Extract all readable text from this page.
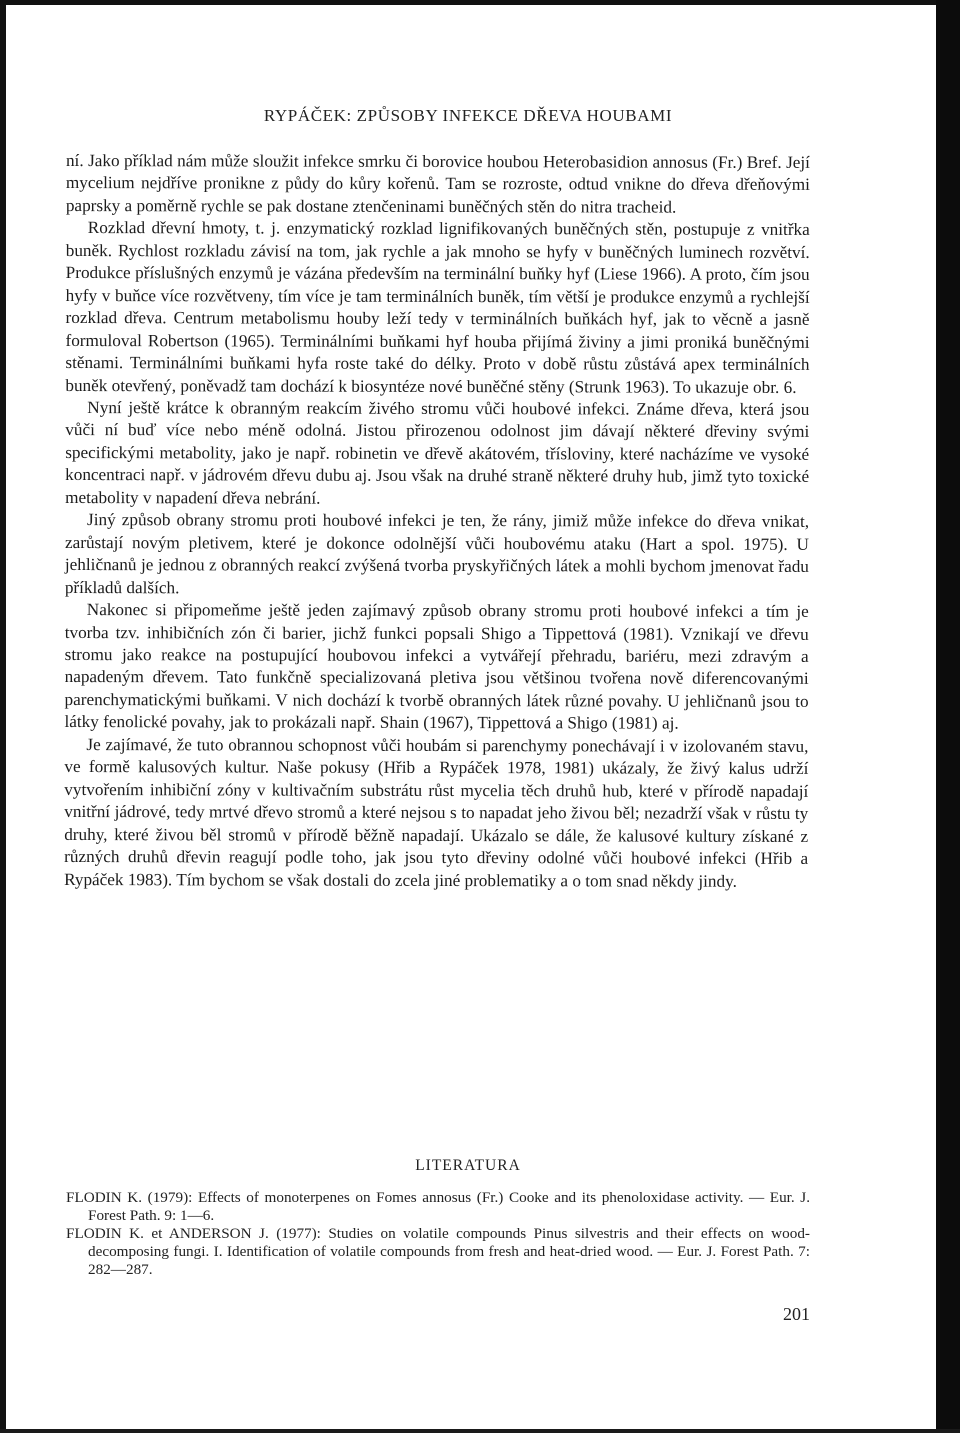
RYPÁČEK: ZPŮSOBY INFEKCE DŘEVA HOUBAMI

ní. Jako příklad nám může sloužit infekce smrku či borovice houbou Heterobasidion annosus (Fr.) Bref. Její mycelium nejdříve pronikne z půdy do kůry kořenů. Tam se rozroste, odtud vnikne do dřeva dřeňovými paprsky a poměrně rychle se pak dostane ztenčeninami buněčných stěn do nitra tracheid.

Rozklad dřevní hmoty, t. j. enzymatický rozklad lignifikovaných buněčných stěn, postupuje z vnitřka buněk. Rychlost rozkladu závisí na tom, jak rychle a jak mnoho se hyfy v buněčných luminech rozvětví. Produkce příslušných enzymů je vázána především na terminální buňky hyf (Liese 1966). A proto, čím jsou hyfy v buňce více rozvětveny, tím více je tam terminálních buněk, tím větší je produkce enzymů a rychlejší rozklad dřeva. Centrum metabolismu houby leží tedy v terminálních buňkách hyf, jak to věcně a jasně formuloval Robertson (1965). Terminálními buňkami hyf houba přijímá živiny a jimi proniká buněčnými stěnami. Terminálními buňkami hyfa roste také do délky. Proto v době růstu zůstává apex terminálních buněk otevřený, poněvadž tam dochází k biosyntéze nové buněčné stěny (Strunk 1963). To ukazuje obr. 6.

Nyní ještě krátce k obranným reakcím živého stromu vůči houbové infekci. Známe dřeva, která jsou vůči ní buď více nebo méně odolná. Jistou přirozenou odolnost jim dávají některé dřeviny svými specifickými metabolity, jako je např. robinetin ve dřevě akátovém, třísloviny, které nacházíme ve vysoké koncentraci např. v jádrovém dřevu dubu aj. Jsou však na druhé straně některé druhy hub, jimž tyto toxické metabolity v napadení dřeva nebrání.

Jiný způsob obrany stromu proti houbové infekci je ten, že rány, jimiž může infekce do dřeva vnikat, zarůstají novým pletivem, které je dokonce odolnější vůči houbovému ataku (Hart a spol. 1975). U jehličnanů je jednou z obranných reakcí zvýšená tvorba pryskyřičných látek a mohli bychom jmenovat řadu příkladů dalších.

Nakonec si připomeňme ještě jeden zajímavý způsob obrany stromu proti houbové infekci a tím je tvorba tzv. inhibičních zón či barier, jichž funkci popsali Shigo a Tippettová (1981). Vznikají ve dřevu stromu jako reakce na postupující houbovou infekci a vytvářejí přehradu, bariéru, mezi zdravým a napadeným dřevem. Tato funkčně specializovaná pletiva jsou většinou tvořena nově diferencovanými parenchymatickými buňkami. V nich dochází k tvorbě obranných látek různé povahy. U jehličnanů jsou to látky fenolické povahy, jak to prokázali např. Shain (1967), Tippettová a Shigo (1981) aj.

Je zajímavé, že tuto obrannou schopnost vůči houbám si parenchymy ponechávají i v izolovaném stavu, ve formě kalusových kultur. Naše pokusy (Hřib a Rypáček 1978, 1981) ukázaly, že živý kalus udrží vytvořením inhibiční zóny v kultivačním substrátu růst mycelia těch druhů hub, které v přírodě napadají vnitřní jádrové, tedy mrtvé dřevo stromů a které nejsou s to napadat jeho živou běl; nezadrží však v růstu ty druhy, které živou běl stromů v přírodě běžně napadají. Ukázalo se dále, že kalusové kultury získané z různých druhů dřevin reagují podle toho, jak jsou tyto dřeviny odolné vůči houbové infekci (Hřib a Rypáček 1983). Tím bychom se však dostali do zcela jiné problematiky a o tom snad někdy jindy.

LITERATURA

FLODIN K. (1979): Effects of monoterpenes on Fomes annosus (Fr.) Cooke and its phenoloxidase activity. — Eur. J. Forest Path. 9: 1—6.

FLODIN K. et ANDERSON J. (1977): Studies on volatile compounds Pinus silvestris and their effects on wood-decomposing fungi. I. Identification of volatile compounds from fresh and heat-dried wood. — Eur. J. Forest Path. 7: 282—287.

201
